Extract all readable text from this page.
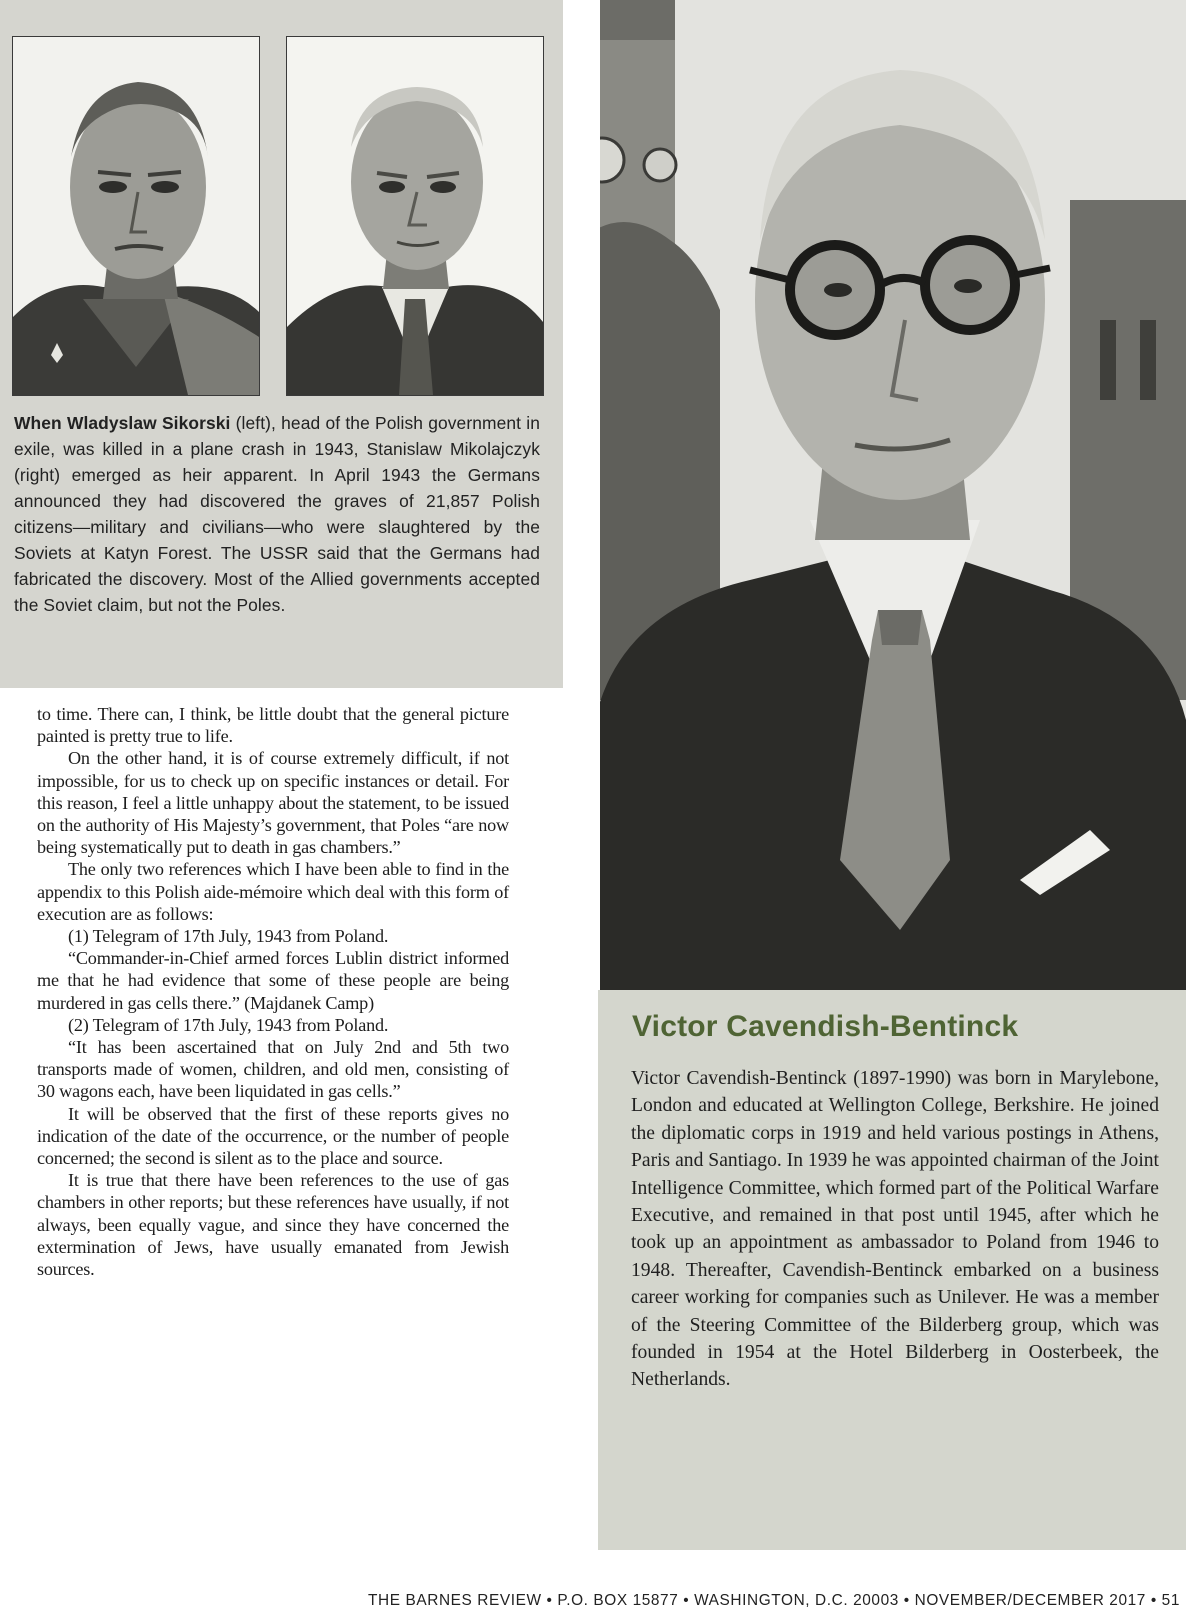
When Wladyslaw Sikorski (left), head of the Polish government in exile, was killed in a plane crash in 1943, Stanislaw Mikolajczyk (right) emerged as heir apparent. In April 1943 the Germans announced they had discovered the graves of 21,857 Polish citizens—military and civilians—who were slaughtered by the Soviets at Katyn Forest. The USSR said that the Germans had fabricated the discovery. Most of the Allied governments accepted the Soviet claim, but not the Poles.

to time. There can, I think, be little doubt that the general picture painted is pretty true to life.

On the other hand, it is of course extremely difficult, if not impossible, for us to check up on specific instances or detail. For this reason, I feel a little unhappy about the statement, to be issued on the authority of His Majesty’s government, that Poles “are now being systematically put to death in gas chambers.”

The only two references which I have been able to find in the appendix to this Polish aide-mémoire which deal with this form of execution are as follows:

(1) Telegram of 17th July, 1943 from Poland.

“Commander-in-Chief armed forces Lublin district informed me that he had evidence that some of these people are being murdered in gas cells there.” (Majdanek Camp)

(2) Telegram of 17th July, 1943 from Poland.

“It has been ascertained that on July 2nd and 5th two transports made of women, children, and old men, consisting of 30 wagons each, have been liquidated in gas cells.”

It will be observed that the first of these reports gives no indication of the date of the occurrence, or the number of people concerned; the second is silent as to the place and source.

It is true that there have been references to the use of gas chambers in other reports; but these references have usually, if not always, been equally vague, and since they have concerned the extermination of Jews, have usually emanated from Jewish sources.

Victor Cavendish-Bentinck
Victor Cavendish-Bentinck (1897-1990) was born in Marylebone, London and educated at Wellington College, Berkshire. He joined the diplomatic corps in 1919 and held various postings in Athens, Paris and Santiago. In 1939 he was appointed chairman of the Joint Intelligence Committee, which formed part of the Political Warfare Executive, and remained in that post until 1945, after which he took up an appointment as ambassador to Poland from 1946 to 1948. Thereafter, Cavendish-Bentinck embarked on a business career working for companies such as Unilever. He was a member of the Steering Committee of the Bilderberg group, which was founded in 1954 at the Hotel Bilderberg in Oosterbeek, the Netherlands.
THE BARNES REVIEW • P.O. BOX 15877 • WASHINGTON, D.C. 20003 • NOVEMBER/DECEMBER 2017 • 51
